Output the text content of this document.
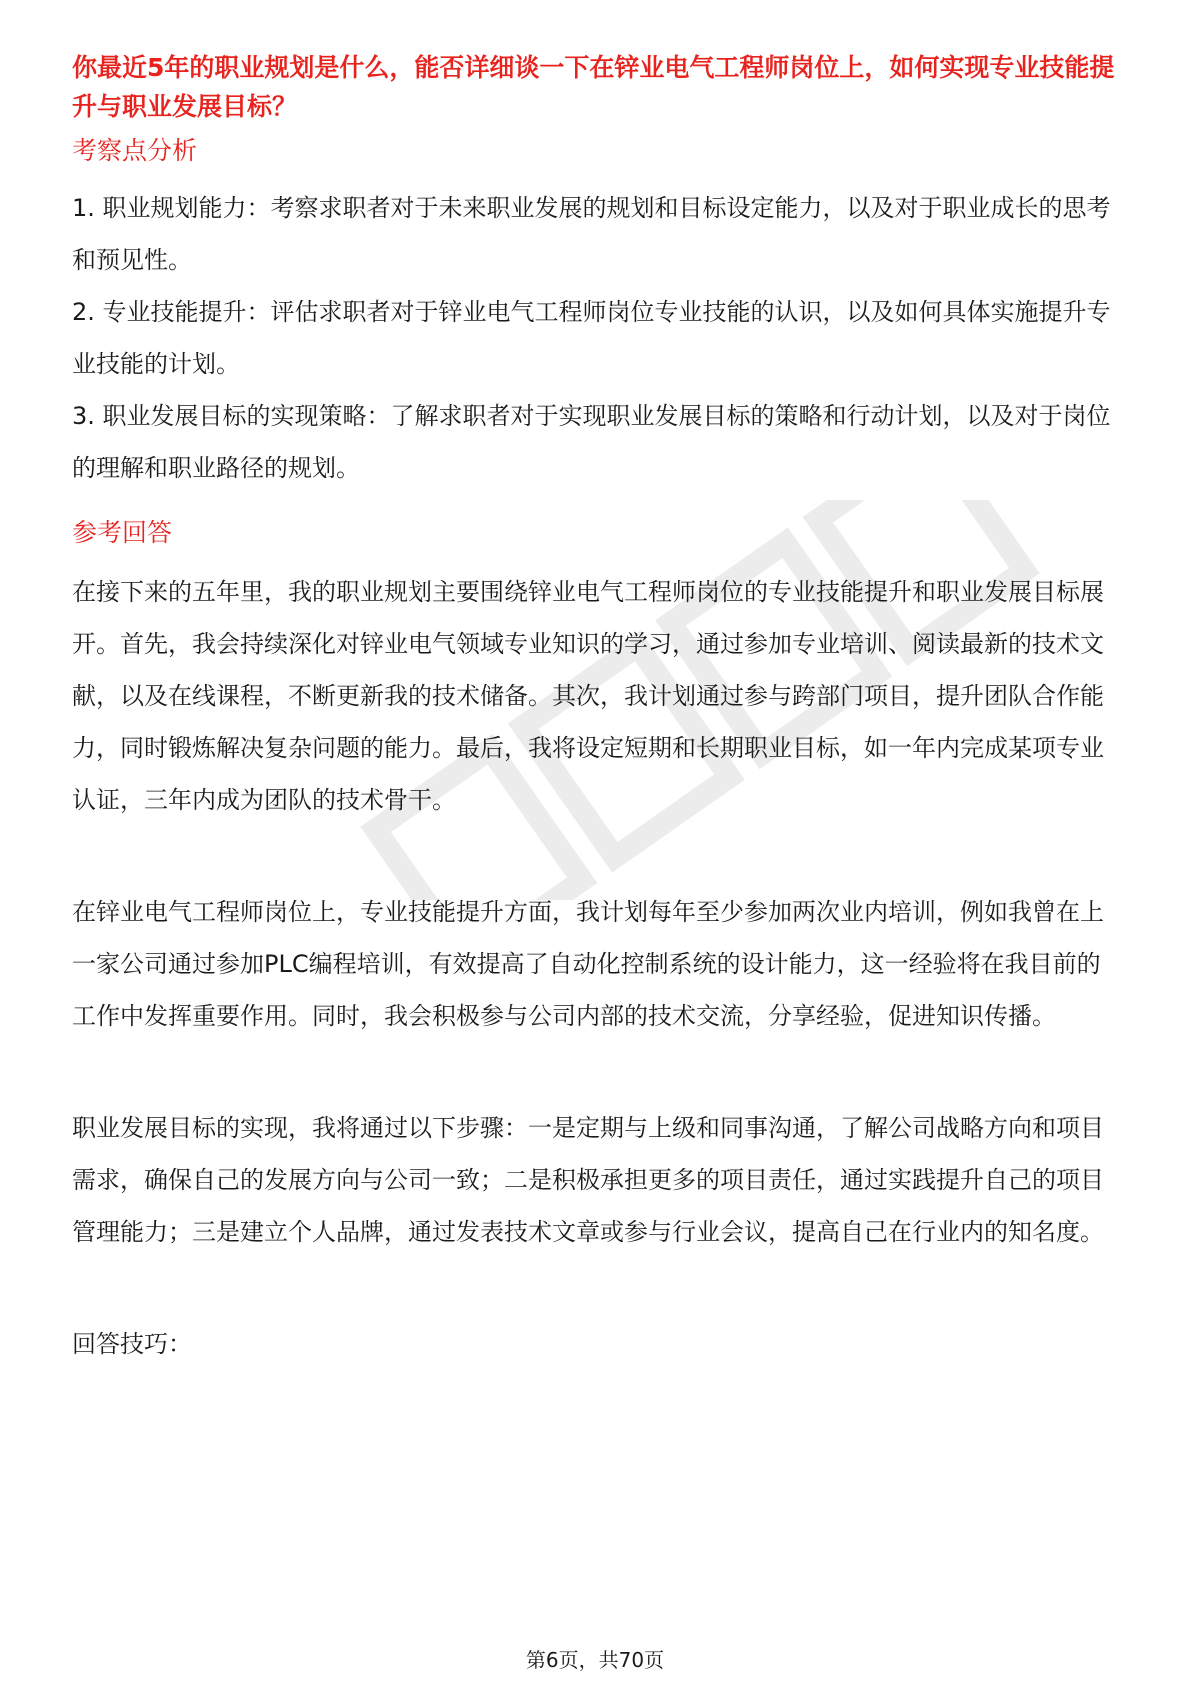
你最近5年的职业规划是什么，能否详细谈一下在锌业电气工程师岗位上，如何实现专业技能提升与职业发展目标？

考察点分析

1. 职业规划能力：考察求职者对于未来职业发展的规划和目标设定能力，以及对于职业成长的思考和预见性。

2. 专业技能提升：评估求职者对于锌业电气工程师岗位专业技能的认识，以及如何具体实施提升专业技能的计划。

3. 职业发展目标的实现策略：了解求职者对于实现职业发展目标的策略和行动计划，以及对于岗位的理解和职业路径的规划。

参考回答

在接下来的五年里，我的职业规划主要围绕锌业电气工程师岗位的专业技能提升和职业发展目标展开。首先，我会持续深化对锌业电气领域专业知识的学习，通过参加专业培训、阅读最新的技术文献，以及在线课程，不断更新我的技术储备。其次，我计划通过参与跨部门项目，提升团队合作能力，同时锻炼解决复杂问题的能力。最后，我将设定短期和长期职业目标，如一年内完成某项专业认证，三年内成为团队的技术骨干。

在锌业电气工程师岗位上，专业技能提升方面，我计划每年至少参加两次业内培训，例如我曾在上一家公司通过参加PLC编程培训，有效提高了自动化控制系统的设计能力，这一经验将在我目前的工作中发挥重要作用。同时，我会积极参与公司内部的技术交流，分享经验，促进知识传播。

职业发展目标的实现，我将通过以下步骤：一是定期与上级和同事沟通，了解公司战略方向和项目需求，确保自己的发展方向与公司一致；二是积极承担更多的项目责任，通过实践提升自己的项目管理能力；三是建立个人品牌，通过发表技术文章或参与行业会议，提高自己在行业内的知名度。

回答技巧：

第6页，共70页
